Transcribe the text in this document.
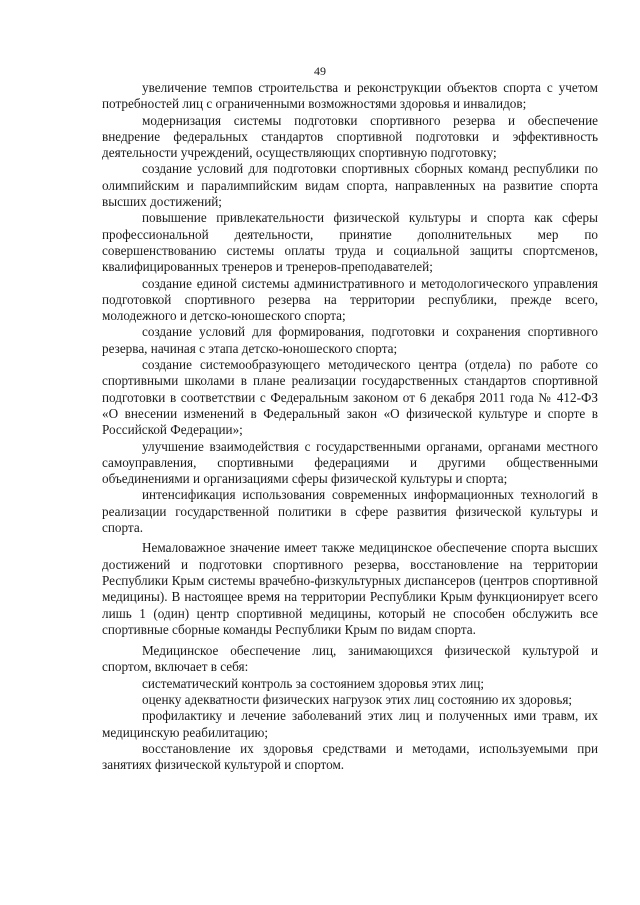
49

увеличение темпов строительства и реконструкции объектов спорта с учетом потребностей лиц с ограниченными возможностями здоровья и инвалидов;

модернизация системы подготовки спортивного резерва и обеспечение внедрение федеральных стандартов спортивной подготовки и эффективность деятельности учреждений, осуществляющих спортивную подготовку;

создание условий для подготовки спортивных сборных команд республики по олимпийским и паралимпийским видам спорта, направленных на развитие спорта высших достижений;

повышение привлекательности физической культуры и спорта как сферы профессиональной деятельности, принятие дополнительных мер по совершенствованию системы оплаты труда и социальной защиты спортсменов, квалифицированных тренеров и тренеров-преподавателей;

создание единой системы административного и методологического управления подготовкой спортивного резерва на территории республики, прежде всего, молодежного и детско-юношеского спорта;

создание условий для формирования, подготовки и сохранения спортивного резерва, начиная с этапа детско-юношеского спорта;

создание системообразующего методического центра (отдела) по работе со спортивными школами в плане реализации государственных стандартов спортивной подготовки в соответствии с Федеральным законом от 6 декабря 2011 года № 412-ФЗ «О внесении изменений в Федеральный закон «О физической культуре и спорте в Российской Федерации»;

улучшение взаимодействия с государственными органами, органами местного самоуправления, спортивными федерациями и другими общественными объединениями и организациями сферы физической культуры и спорта;

интенсификация использования современных информационных технологий в реализации государственной политики в сфере развития физической культуры и спорта.

Немаловажное значение имеет также медицинское обеспечение спорта высших достижений и подготовки спортивного резерва, восстановление на территории Республики Крым системы врачебно-физкультурных диспансеров (центров спортивной медицины). В настоящее время на территории Республики Крым функционирует всего лишь 1 (один) центр спортивной медицины, который не способен обслужить все спортивные сборные команды Республики Крым по видам спорта.

Медицинское обеспечение лиц, занимающихся физической культурой и спортом, включает в себя:

систематический контроль за состоянием здоровья этих лиц;

оценку адекватности физических нагрузок этих лиц состоянию их здоровья;

профилактику и лечение заболеваний этих лиц и полученных ими травм, их медицинскую реабилитацию;

восстановление их здоровья средствами и методами, используемыми при занятиях физической культурой и спортом.
